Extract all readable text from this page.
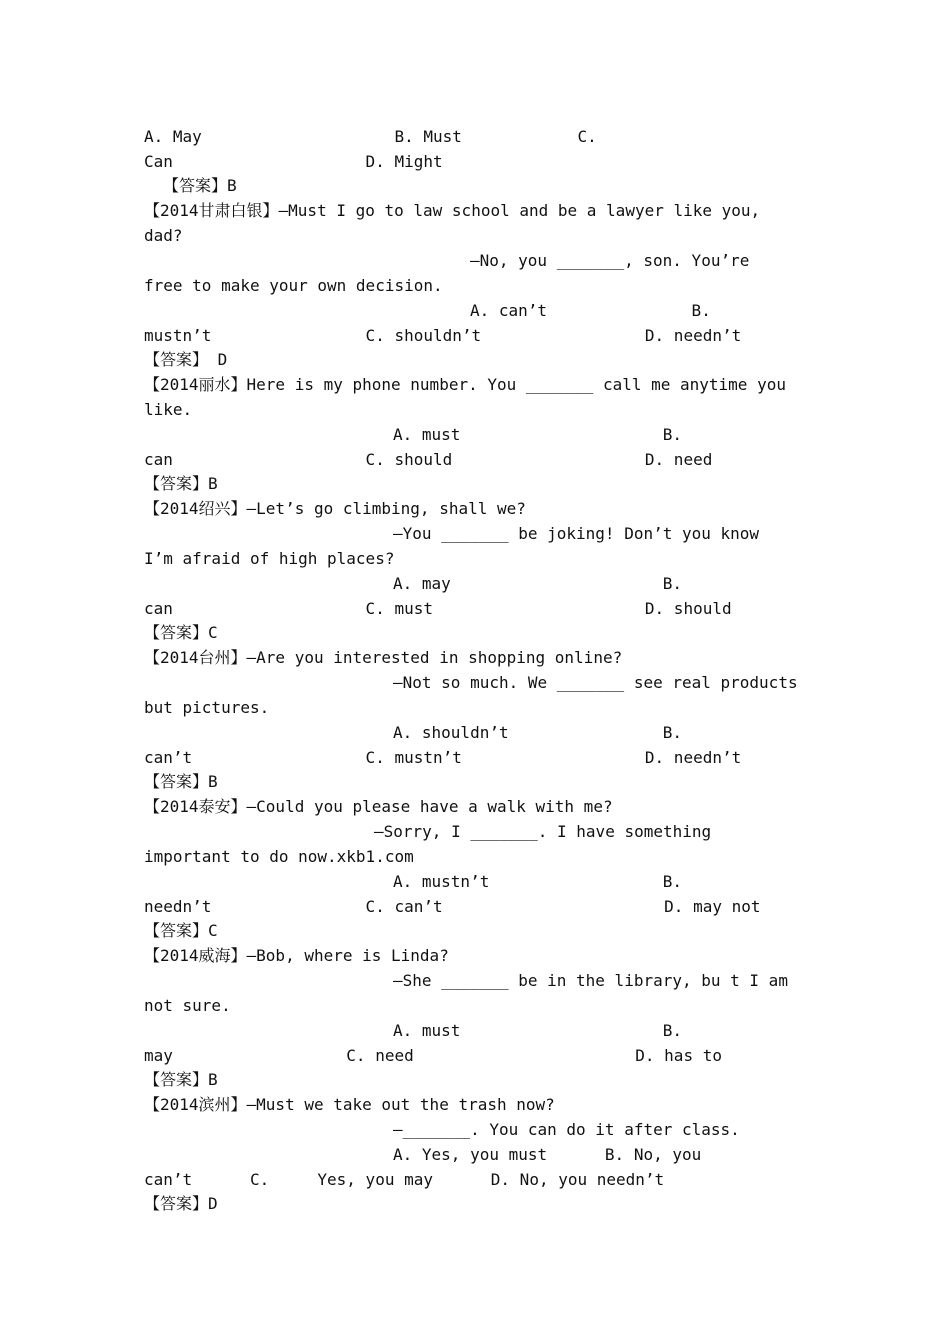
A. May                    B. Must            C.
Can                    D. Might
【答案】B
【2014甘肃白银】—Must I go to law school and be a lawyer like you,
dad?
—No, you _______, son. You’re
free to make your own decision.
A. can’t               B.
mustn’t                C. shouldn’t                 D. needn’t
【答案】 D
【2014丽水】Here is my phone number. You _______ call me anytime you
like.
A. must                     B.
can                    C. should                    D. need
【答案】B
【2014绍兴】—Let’s go climbing, shall we?
—You _______ be joking! Don’t you know
I’m afraid of high places?
A. may                      B.
can                    C. must                      D. should
【答案】C
【2014台州】—Are you interested in shopping online?
—Not so much. We _______ see real products
but pictures.
A. shouldn’t                B.
can’t                  C. mustn’t                   D. needn’t
【答案】B
【2014泰安】—Could you please have a walk with me?
—Sorry, I _______. I have something
important to do now.xkb1.com
A. mustn’t                  B.
needn’t                C. can’t                       D. may not
【答案】C
【2014威海】—Bob, where is Linda?
—She _______ be in the library, bu t I am
not sure.
A. must                     B.
may                  C. need                       D. has to
【答案】B
【2014滨州】—Must we take out the trash now?
—_______. You can do it after class.
A. Yes, you must      B. No, you
can’t      C.     Yes, you may      D. No, you needn’t
【答案】D
